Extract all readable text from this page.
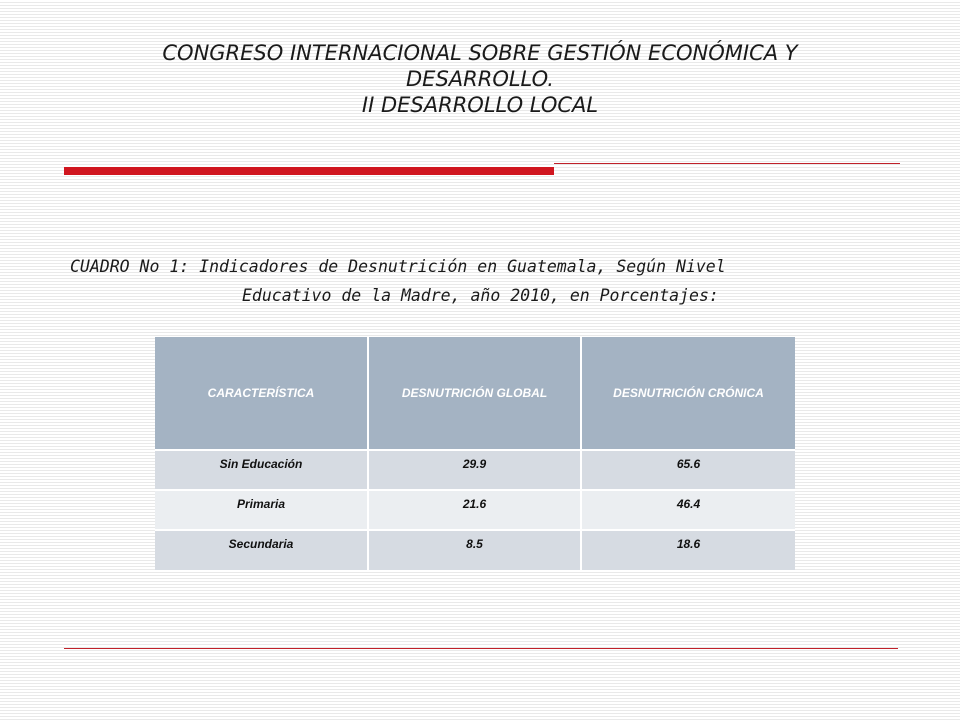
CONGRESO INTERNACIONAL SOBRE GESTIÓN ECONÓMICA Y
DESARROLLO.
II DESARROLLO LOCAL
CUADRO No 1: Indicadores de Desnutrición en Guatemala, Según Nivel
Educativo de la Madre, año 2010, en Porcentajes:
CARACTERÍSTICA	DESNUTRICIÓN GLOBAL	DESNUTRICIÓN CRÓNICA
Sin Educación	29.9	65.6
Primaria	21.6	46.4
Secundaria	8.5	18.6
